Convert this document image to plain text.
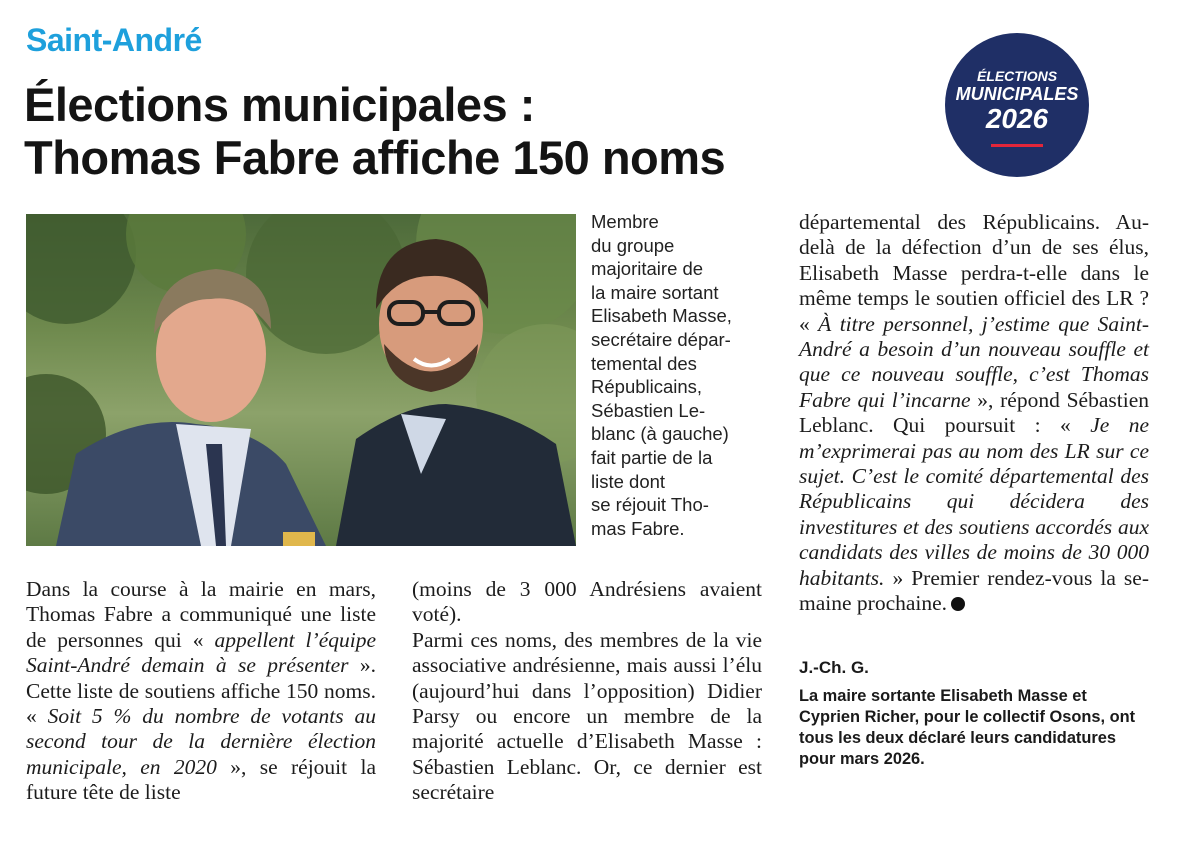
Saint-André
Élections municipales :
Thomas Fabre affiche 150 noms
ÉLECTIONS
MUNICIPALES
2026
Membre
du groupe
majoritaire de
la maire sortant
Elisabeth Masse,
secrétaire dépar-
temental des
Républicains,
Sébastien Le-
blanc (à gauche)
fait partie de la
liste dont
se réjouit Tho-
mas Fabre.

Dans la course à la mairie en mars, Thomas Fabre a communiqué une liste de personnes qui « appellent l’équipe Saint-André demain à se présenter ». Cette liste de soutiens affiche 150 noms. « Soit 5 % du nombre de votants au second tour de la dernière élection municipale, en 2020 », se réjouit la future tête de liste

(moins de 3 000 Andrésiens avaient voté).

Parmi ces noms, des membres de la vie associative andrésienne, mais aussi l’élu (aujourd’hui dans l’opposition) Didier Parsy ou encore un membre de la majorité actuelle d’Elisabeth Masse : Sébastien Leblanc. Or, ce dernier est secrétaire

départemental des Républicains. Au-delà de la défection d’un de ses élus, Elisabeth Masse perdra-t-elle dans le même temps le soutien officiel des LR ? « À titre personnel, j’estime que Saint-André a besoin d’un nouveau souffle et que ce nouveau souffle, c’est Thomas Fabre qui l’incarne », répond Sébastien Leblanc. Qui poursuit : « Je ne m’exprimerai pas au nom des LR sur ce sujet. C’est le comité départemental des Républicains qui décidera des investitures et des soutiens accordés aux candidats des villes de moins de 30 000 habitants. » Premier rendez-vous la semaine prochaine.

J.-Ch. G.
La maire sortante Elisabeth Masse et Cyprien Richer, pour le collectif Osons, ont tous les deux déclaré leurs candidatures pour mars 2026.
